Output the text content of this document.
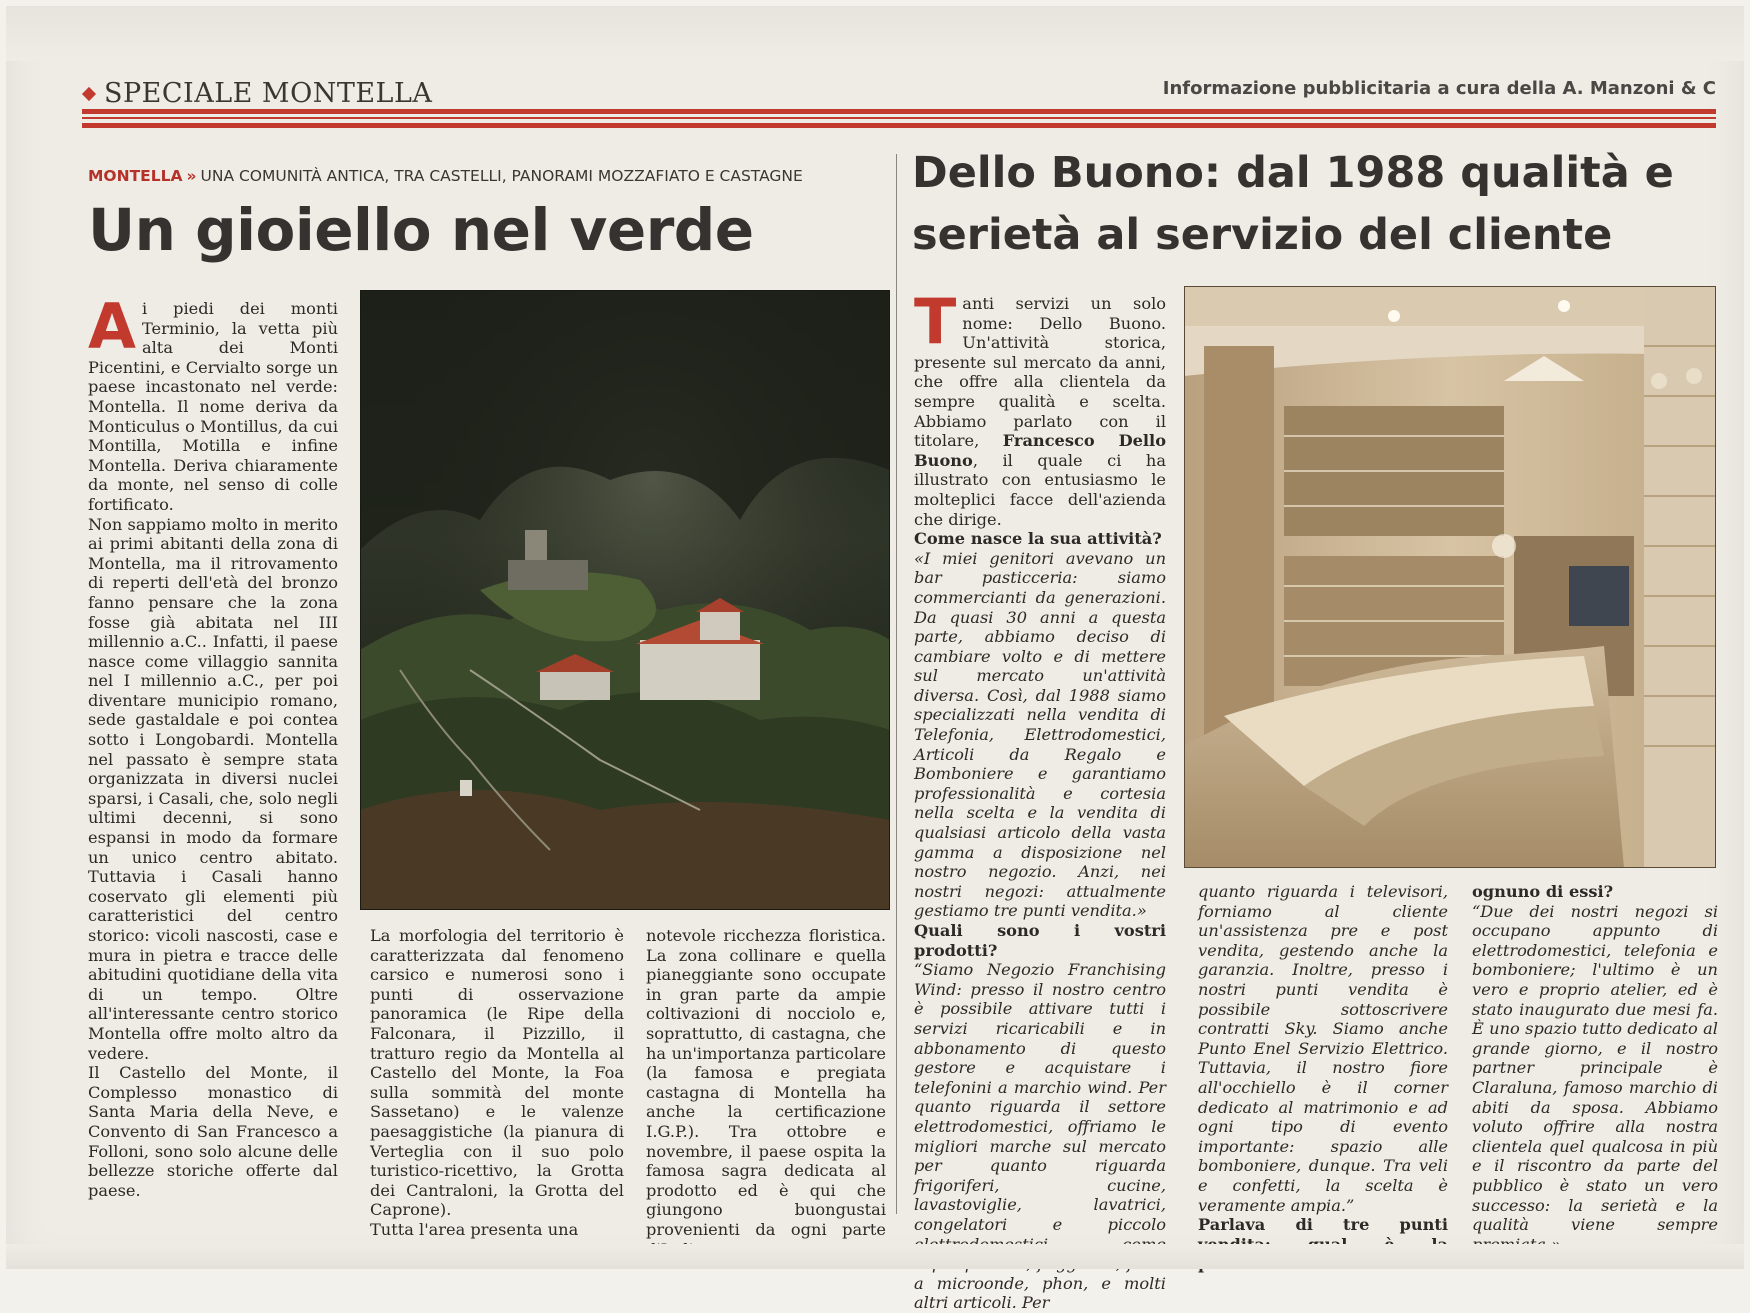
SPECIALE MONTELLA	Informazione pubblicitaria a cura della A. Manzoni & C
MONTELLA » UNA COMUNITÀ ANTICA, TRA CASTELLI, PANORAMI MOZZAFIATO E CASTAGNE
Un gioiello nel verde

Ai piedi dei monti Terminio, la vetta più alta dei Monti Picentini, e Cervialto sorge un paese incastonato nel verde: Montella. Il nome deriva da Monticulus o Montillus, da cui Montilla, Motilla e infine Montella. Deriva chiaramente da monte, nel senso di colle fortificato.

Non sappiamo molto in merito ai primi abitanti della zona di Montella, ma il ritrovamento di reperti dell'età del bronzo fanno pensare che la zona fosse già abitata nel III millennio a.C.. Infatti, il paese nasce come villaggio sannita nel I millennio a.C., per poi diventare municipio romano, sede gastaldale e poi contea sotto i Longobardi. Montella nel passato è sempre stata organizzata in diversi nuclei sparsi, i Casali, che, solo negli ultimi decenni, si sono espansi in modo da formare un unico centro abitato. Tuttavia i Casali hanno coservato gli elementi più caratteristici del centro storico: vicoli nascosti, case e mura in pietra e tracce delle abitudini quotidiane della vita di un tempo. Oltre all'interessante centro storico Montella offre molto altro da vedere.

Il Castello del Monte, il Complesso monastico di Santa Maria della Neve, e Convento di San Francesco a Folloni, sono solo alcune delle bellezze storiche offerte dal paese.

La morfologia del territorio è caratterizzata dal fenomeno carsico e numerosi sono i punti di osservazione panoramica (le Ripe della Falconara, il Pizzillo, il tratturo regio da Montella al Castello del Monte, la Foa sulla sommità del monte Sassetano) e le valenze paesaggistiche (la pianura di Verteglia con il suo polo turistico-ricettivo, la Grotta dei Cantraloni, la Grotta del Caprone).

Tutta l'area presenta una

notevole ricchezza floristica. La zona collinare e quella pianeggiante sono occupate in gran parte da ampie coltivazioni di nocciolo e, soprattutto, di castagna, che ha un'importanza particolare (la famosa e pregiata castagna di Montella ha anche la certificazione I.G.P.). Tra ottobre e novembre, il paese ospita la famosa sagra dedicata al prodotto ed è qui che giungono buongustai provenienti da ogni parte

Dello Buono: dal 1988 qualità e serietà al servizio del cliente

Tanti servizi un solo nome: Dello Buono. Un'attività storica, presente sul mercato da anni, che offre alla clientela da sempre qualità e scelta. Abbiamo parlato con il titolare, Francesco Dello Buono, il quale ci ha illustrato con entusiasmo le molteplici facce dell'azienda che dirige.

Come nasce la sua attività?

«I miei genitori avevano un bar pasticceria: siamo commercianti da generazioni. Da quasi 30 anni a questa parte, abbiamo deciso di cambiare volto e di mettere sul mercato un'attività diversa. Così, dal 1988 siamo specializzati nella vendita di Telefonia, Elettrodomestici, Articoli da Regalo e Bomboniere e garantiamo professionalità e cortesia nella scelta e la vendita di qualsiasi articolo della vasta gamma a disposizione nel nostro negozio. Anzi, nei nostri negozi: attualmente gestiamo tre punti vendita.»

Quali sono i vostri prodotti?

“Siamo Negozio Franchising Wind: presso il nostro centro è possibile attivare tutti i servizi ricaricabili e in abbonamento di questo gestore e acquistare i telefonini a marchio wind. Per quanto riguarda il settore elettrodomestici, offriamo le migliori marche sul mercato per quanto riguarda frigoriferi, cucine, lavastoviglie, lavatrici, congelatori e piccolo a microonde, phon, e molti altri articoli. Per

quanto riguarda i televisori, forniamo al cliente un'assistenza pre e post vendita, gestendo anche la garanzia. Inoltre, presso i nostri punti vendita è possibile sottoscrivere contratti Sky. Siamo anche Punto Enel Servizio Elettrico. Tuttavia, il nostro fiore all'occhiello è il corner dedicato al matrimonio e ad ogni tipo di evento importante: spazio alle bomboniere, dunque. Tra veli e confetti, la scelta è veramente ampia.”

Parlava di tre punti

ognuno di essi?

“Due dei nostri negozi si occupano appunto di elettrodomestici, telefonia e bomboniere; l'ultimo è un vero e proprio atelier, ed è stato inaugurato due mesi fa. È uno spazio tutto dedicato al grande giorno, e il nostro partner principale è Claraluna, famoso marchio di abiti da sposa. Abbiamo voluto offrire alla nostra clientela quel qualcosa in più e il riscontro da parte del pubblico è stato un vero successo: la serietà e la qualità viene sempre
